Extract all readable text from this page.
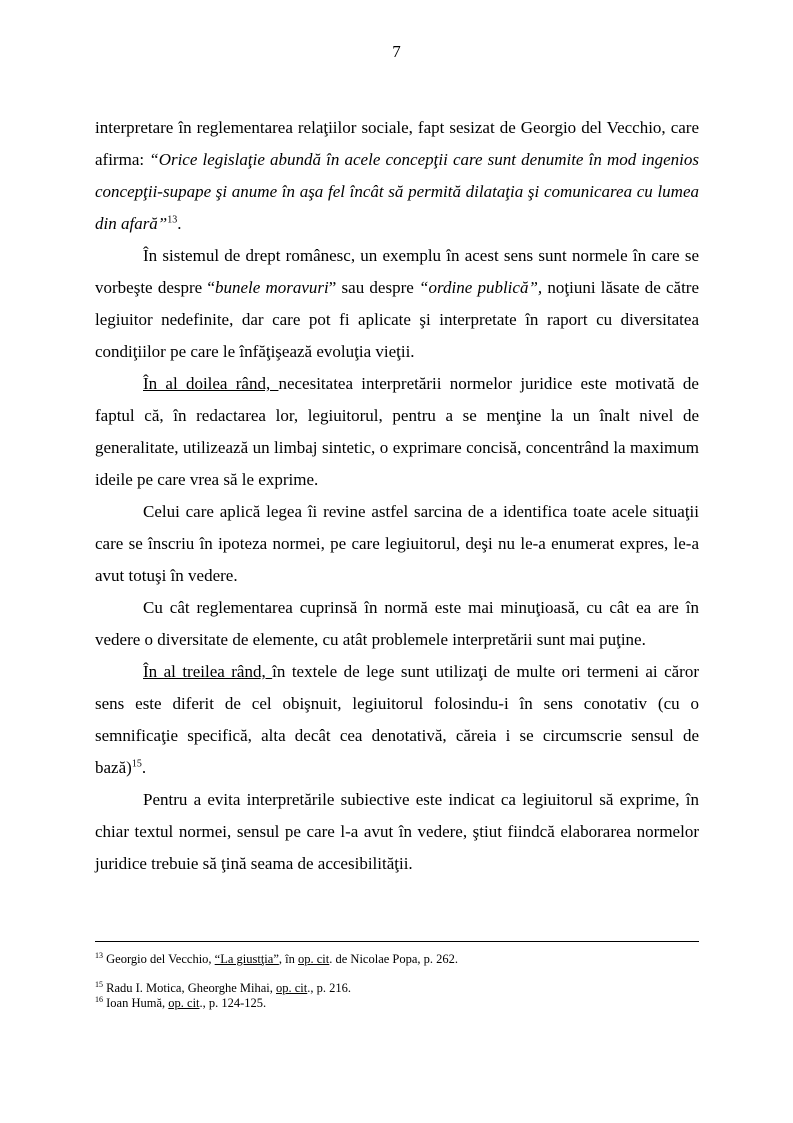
7

interpretare în reglementarea relaţiilor sociale, fapt sesizat de Georgio del Vecchio, care afirma: “Orice legislaţie abundă în acele concepţii care sunt denumite în mod ingenios concepţii-supape şi anume în aşa fel încât să permită dilataţia şi comunicarea cu lumea din afară”$^{13}$.

În sistemul de drept românesc, un exemplu în acest sens sunt normele în care se vorbeşte despre “bunele moravuri” sau despre “ordine publică”, noţiuni lăsate de către legiuitor nedefinite, dar care pot fi aplicate şi interpretate în raport cu diversitatea condiţiilor pe care le înfăţişează evoluţia vieţii.

În al doilea rând, necesitatea interpretării normelor juridice este motivată de faptul că, în redactarea lor, legiuitorul, pentru a se menţine la un înalt nivel de generalitate, utilizează un limbaj sintetic, o exprimare concisă, concentrând la maximum ideile pe care vrea să le exprime.

Celui care aplică legea îi revine astfel sarcina de a identifica toate acele situaţii care se înscriu în ipoteza normei, pe care legiuitorul, deşi nu le-a enumerat expres, le-a avut totuşi în vedere.

Cu cât reglementarea cuprinsă în normă este mai minuţioasă, cu cât ea are în vedere o diversitate de elemente, cu atât problemele interpretării sunt mai puţine.

În al treilea rând, în textele de lege sunt utilizaţi de multe ori termeni ai căror sens este diferit de cel obişnuit, legiuitorul folosindu-i în sens conotativ (cu o semnificaţie specifică, alta decât cea denotativă, căreia i se circumscrie sensul de bază)$^{15}$.

Pentru a evita interpretările subiective este indicat ca legiuitorul să exprime, în chiar textul normei, sensul pe care l-a avut în vedere, ştiut fiindcă elaborarea normelor juridice trebuie să ţină seama de accesibilităţii.

$^{13}$ Georgio del Vecchio, “La giustţia”, în op. cit. de Nicolae Popa, p. 262.

$^{15}$ Radu I. Motica, Gheorghe Mihai, op. cit., p. 216.

$^{16}$ Ioan Humă, op. cit., p. 124-125.
